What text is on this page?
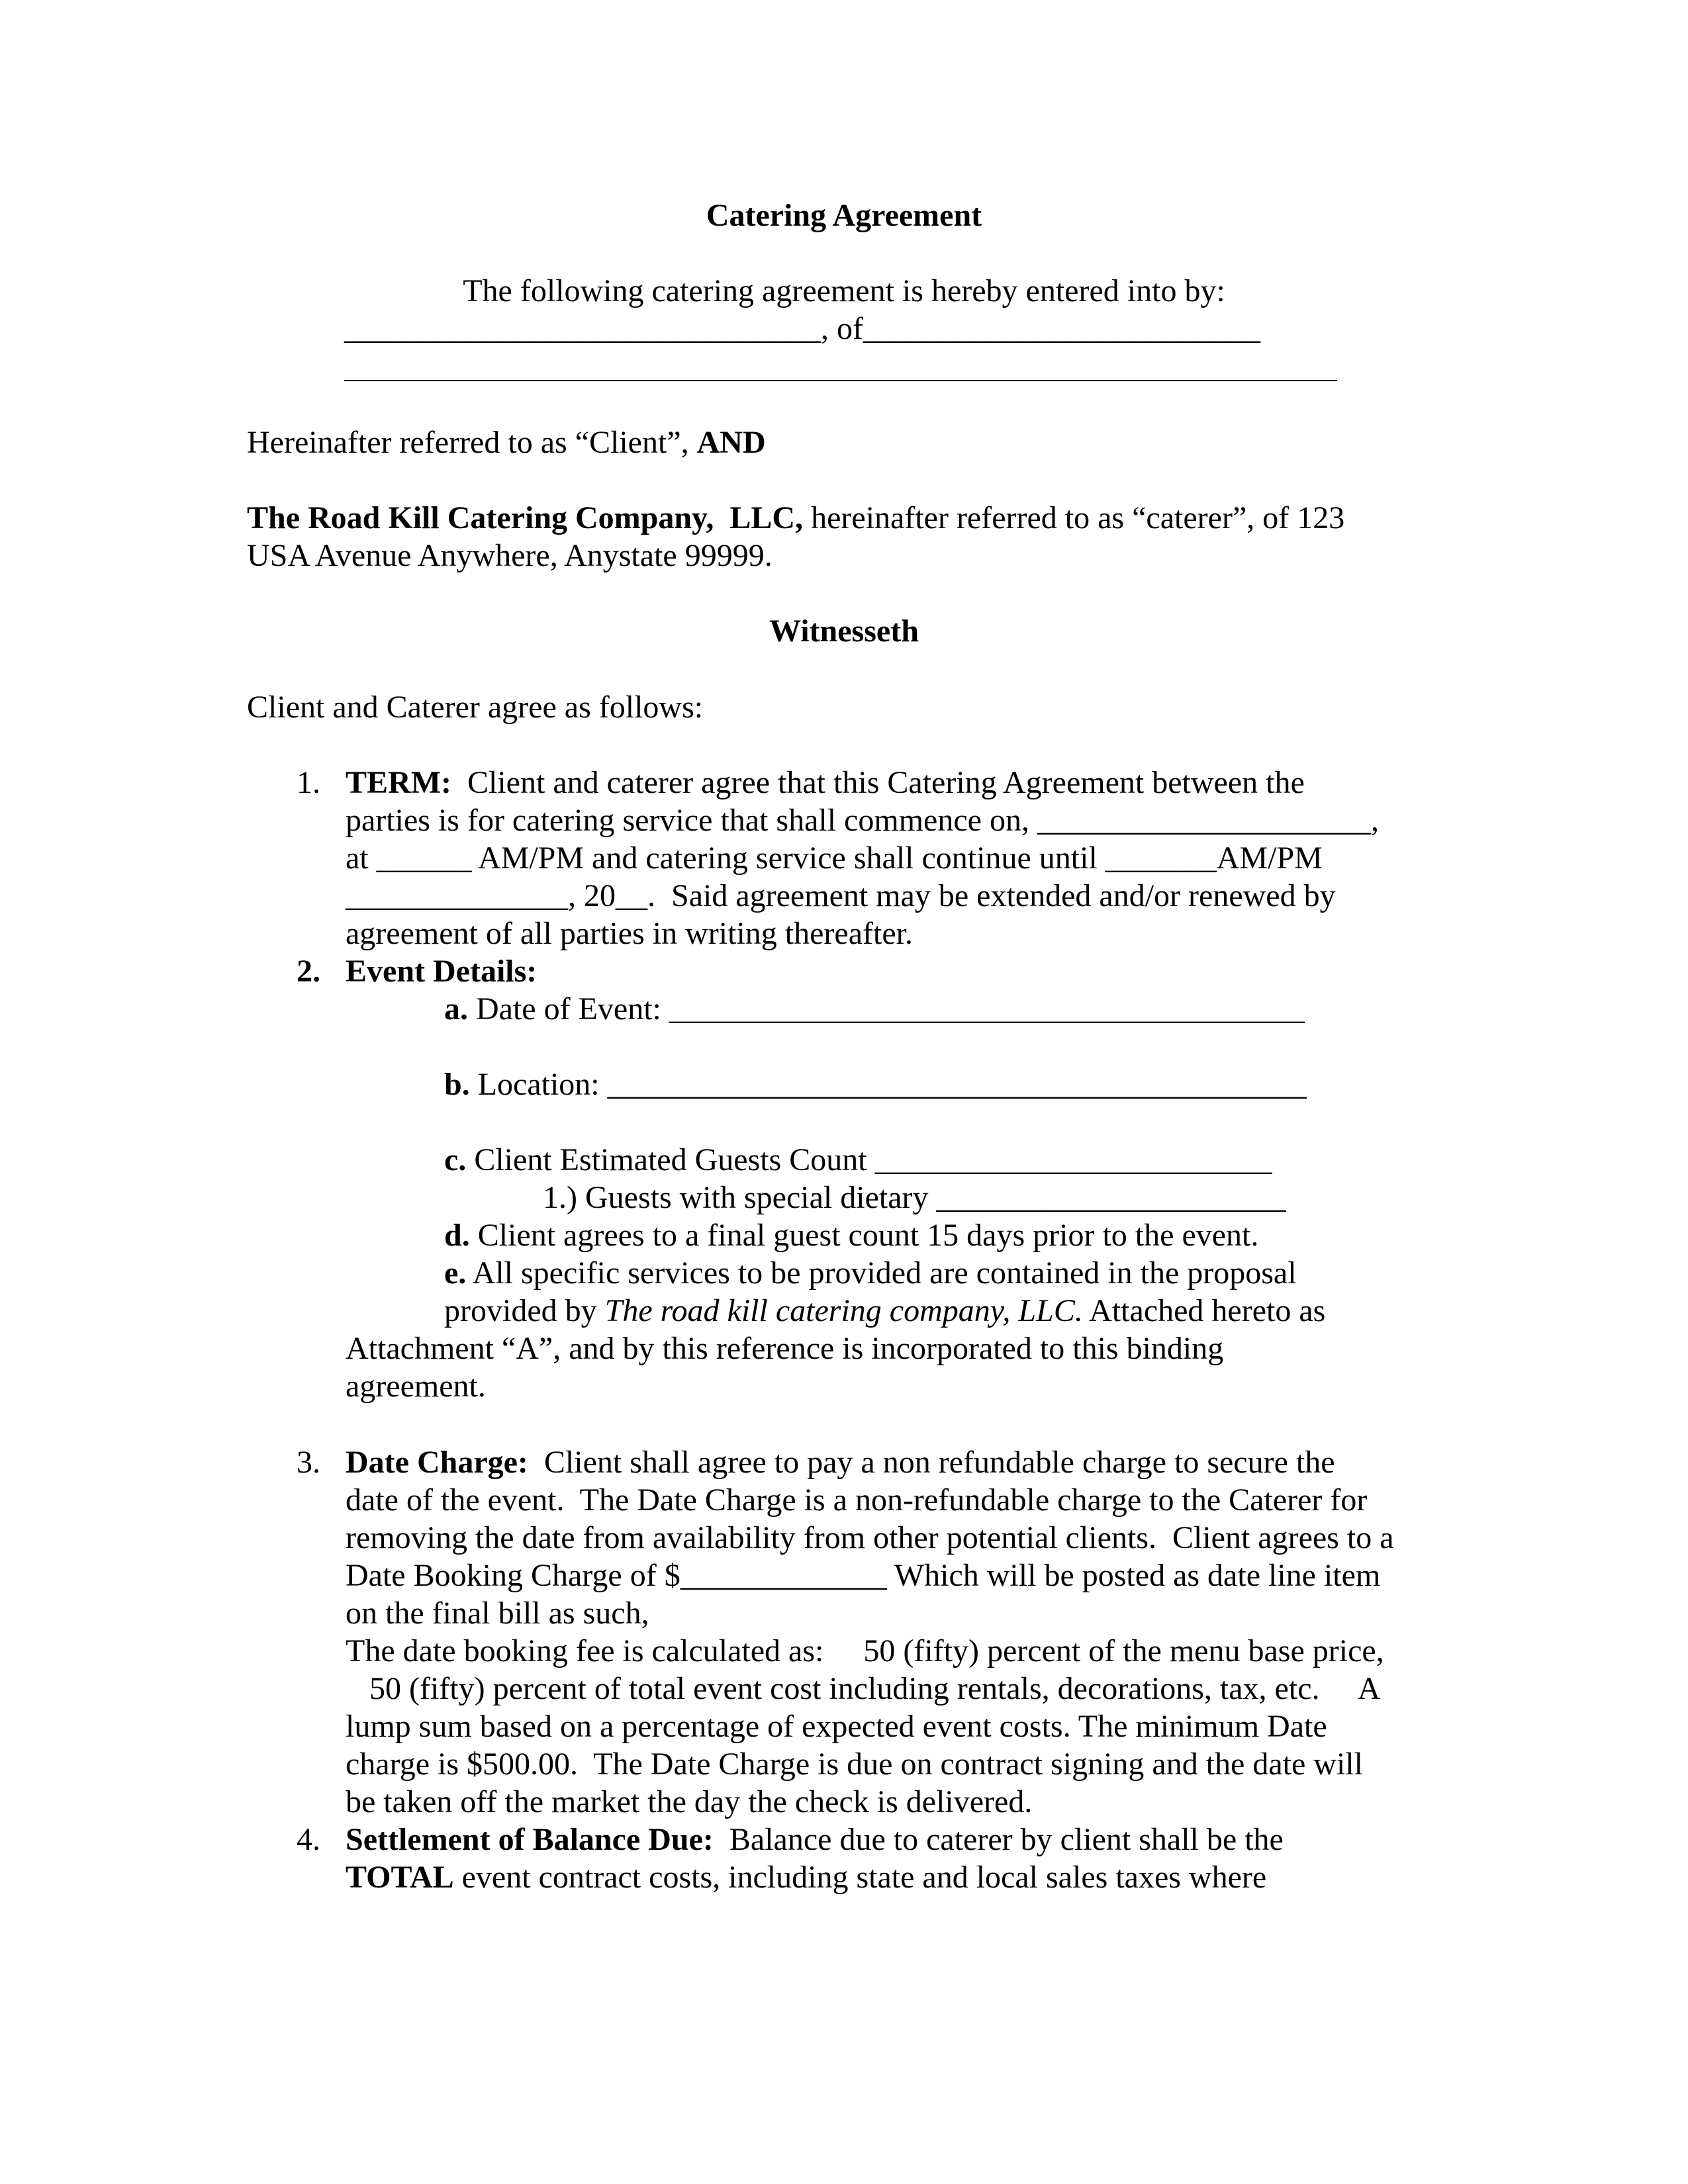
Catering Agreement
The following catering agreement is hereby entered into by:
______________________________, of_________________________
Hereinafter referred to as “Client”, AND
The Road Kill Catering Company,  LLC, hereinafter referred to as “caterer”, of 123
USA Avenue Anywhere, Anystate 99999.
Witnesseth
Client and Caterer agree as follows:
1. TERM:  Client and caterer agree that this Catering Agreement between the
parties is for catering service that shall commence on, _____________________,
at ______ AM/PM and catering service shall continue until _______AM/PM
______________, 20__.  Said agreement may be extended and/or renewed by
agreement of all parties in writing thereafter.
2. Event Details:
a. Date of Event: ________________________________________
b. Location: ____________________________________________
c. Client Estimated Guests Count _________________________
1.) Guests with special dietary ______________________
d. Client agrees to a final guest count 15 days prior to the event.
e. All specific services to be provided are contained in the proposal
provided by The road kill catering company, LLC. Attached hereto as
Attachment “A”, and by this reference is incorporated to this binding
agreement.
3. Date Charge:  Client shall agree to pay a non refundable charge to secure the
date of the event.  The Date Charge is a non-refundable charge to the Caterer for
removing the date from availability from other potential clients.  Client agrees to a
Date Booking Charge of $_____________ Which will be posted as date line item
on the final bill as such,
The date booking fee is calculated as:     50 (fifty) percent of the menu base price,
50 (fifty) percent of total event cost including rentals, decorations, tax, etc.     A
lump sum based on a percentage of expected event costs. The minimum Date
charge is $500.00.  The Date Charge is due on contract signing and the date will
be taken off the market the day the check is delivered.
4. Settlement of Balance Due:  Balance due to caterer by client shall be the
TOTAL event contract costs, including state and local sales taxes where
